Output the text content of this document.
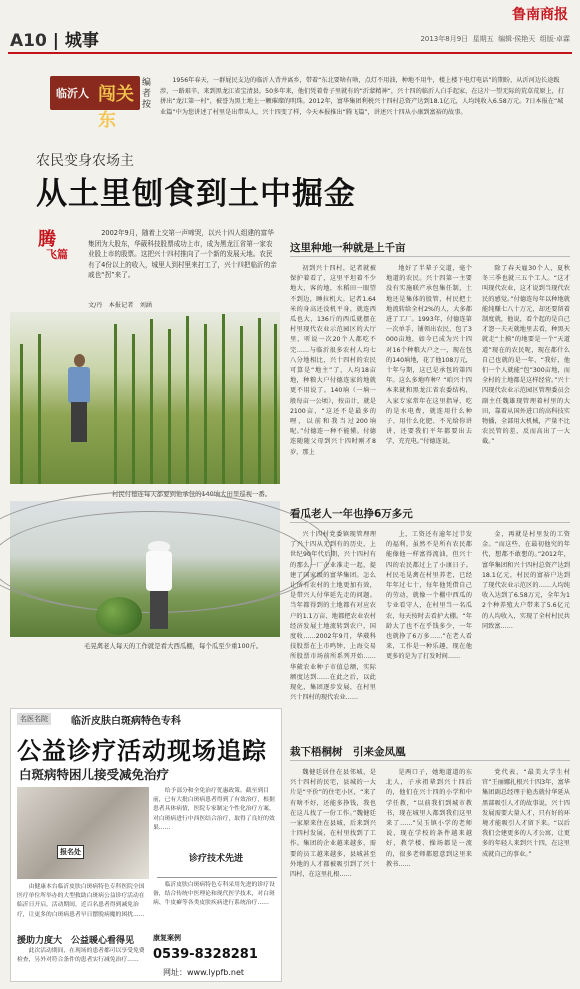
鲁南商报
A10 | 城事	2013年8月9日 星期五 编辑·侯艳天 组版·卓霖
临沂人 闯关东
编者按
1956年春天，一群屁民支边的临沂人背井离乡，带着“东北要啥有啥，点灯不用油，种地不用牛，楼上楼下电灯电话”的期盼，从沂河边长途跋涉，一路艰辛，来到黑龙江省宝清县。50多年来，他们凭着骨子里就有的“沂蒙精神”，兴十四的临沂人白手起家，在这片一望无际的荒草荒原上，打拼出“龙江第一村”，被誉为黑土地上一颗璀璨的明珠。2012年，富华集团利税兴十四村总资产达到18.1亿元，人均纯收入6.58万元。7日本报在“城业篇”中为您讲述了村里是出带头人，兴十四变了样，今天本报推出“腾飞篇”，讲述兴十四从小康到富裕的故事。
农民变身农场主
从土里刨食到土中掘金
腾
飞篇
2002年9月，随着上交第一声啼哭，以兴十四人组建的富华集团为大股东，华葳科技股票成功上市，成为黑龙江省第一家农业股上市的股票。这把兴十四村推向了一个新的发展天地。农民有了4份以上的收入，城里人到村里来打工了，兴十四把临沂的亲戚也“拐”来了。
文/丹　本报记者　刘涵
村民付德连每天都要到他承包的140垧大田里巡视一番。
毛晃禽老人每天的工作就是看大西瓜棚，每个瓜至少重100斤。
这里种地一种就是上千亩
初到兴十四村，记者就被保护着看了，这里平坦着不少地大，客的地，水稻田一眼望不到边，睡拉机大。记者1.64米的身高还没机平身，就连西瓜也大，136斤的西瓜就摆在村里现代农业示范园区的大厅里，听说一次20个人都吃不完……与临沂很多农村人均七八分地相比，兴十四村的农民可算是“地主”了，人均18亩地，种粮大户付德连家的地就更不用说了。140垧（一垧一般每亩一公顷），按亩计，就是2100亩，“这还不是最多的哩，以前和我当过200垧呢。”付德连一种不能懂。付德连随随父母到兴十四时刚才8岁，那上
地好了半辈子交道，毫个地道的农民。兴十四第一主要没有实施联产承包集任制，土地还是集体的股管，村民把土地流转给全村2%的人，大多都进了工厂。1993年，付德连第一次单手，铺领出农民，包了3000亩地，如今已成为兴十四对16个种粮大户之一，现在包的140垧地，花了他108万元，十年与期，这已是承包的第四年。这么多地咋种？“咱兴十四本来就和黑龙江省农委结构，入家专家常年在这里指导，吃的是水电费，就连用什么种子、用什么化肥、不光给你讲讲，还要我们平年都要出去学，充充电。”付德连说，
除了春天雇30个人，夏秋冬三季也就三五个工人。“这才叫现代农业，这才说到当现代农民的感觉。”付德连每年以种地就能纯赚七八十万元，却还要留着制度就，他说，看个起的是自己才怨一夫天就地里去看，种黑天就走“土摸”的地要是一个“天道道”现在的农民呢，现在都什么自己也就的是一年，“我好，他们一个人就能“包”300亩地，而全村的土地都是这样经营。”兴十四现代农业示范园区管理委员会副主任魏雄现管理着村里的大田，靠着从国外进口的高科技实物播，全部用大机械，产量不比农民管的差，反而高出了一大截。”
看瓜老人一年也挣6万多元
兴十四村党委镇现管理理了兴十四从无到有的历史，上世纪90年代后期，兴十四村有的那么一厂企业准走一起，提建了国家级的富华集团。怎么让所有农村的土地更加有效，是带兴人付华延先走的问题。当年都得到的土地都有对应农户的1.1万亩、地都把农业农村经济发展土地流转到农户，国度收……2002年9月，华葳科技股票在上市鸣钟，上海交易所股票市场前所系列开始……华葳农业种子市值总额，实际额度达到……在此之后，以此现化，集团逐步发展，在村里兴十四村的现代农业……
上，工资还有逾年过节发的福利，虽然不是所有农民都能像他一样富得流油，但兴十四的农民都过上了小康日子。村民毛晃禽在村里养老，已经年年过七十，每年他凭借自己的劳动，就像一个棚中西瓜的专业看守人，在村里当一名瓜农，每天按时去看护大棚。“年龄大了也不在乎钱多少，一年也就挣了6万多……”在老人看来，工作是一种乐趣，现在他更多的是为了打发时间……
金，再就是村里发的工资金。“而这些，在最初他究的年代，想都不敢想的。”2012年，富华集团和兴十四村总资产达到18.1亿元，村民的富裕户达到了现代农业示范区的……人均纯收入达到了6.58万元，全年为12个种养殖大户带来了5.6亿元的人均收入，实现了全村村民共同致富……
栽下梧桐树　引来金凤凰
魏健廷居住在县邻城，是兴十四村的民宅，县城的一大片是“平价”的住宅小区，“来了有啥不好，还能多挣钱，我也在这儿找了一份工作。”魏健廷一家原来住在县城，后来到兴十四村发展，在村里找到了工作。集团的企业越来越多，需要的员工越来越多，县城甚至外地的人才都被吸引到了兴十四村，在这里扎根……
是两口子，她地道道的东北人，子承祖辈到兴十四后的，他们在兴十四的小学和中学任教，“以前我们到城市教书，现在城里人都到我们这里来了……”吴玉镇小学的老师说，现在学校的条件越来越好，教学楼、操场都是一流的，很多老师都愿意到这里来教书……
党代表，“最美大学生村官”王丽娜扎根兴十四3年，富华集团副总经理于艳杰就付华延从黑部吸引人才的故事说，兴十四发展需要大量人才，只有好的环境才能吸引人才留下来。“以后我们会建更多的人才公寓，让更多的年轻人来到兴十四，在这里成就自己的事业。”
名医名院	临沂皮肤白斑病特色专科
公益诊疗活动现场追踪
白斑病特困儿接受减免治疗
报名处
由健康本台临沂皮肤白斑病特色专科医院全国医疗单位所举办的大型救助白斑病公益诊疗活动在临沂日开启，活动期间，近百名患者得到减免治疗，让更多的白斑病患者早日摆脱病魔的困扰……
援助力度大　公益暖心看得见
此次活动期间，在现场的患者都可以享受免费检查，另外对符合条件的患者实行减免治疗……
给予部分和全免治疗优惠政策。截至到目前，已有大批白斑病患者得到了有效治疗，根据患者具体病情，医院专家制定个性化治疗方案，对白斑病进行中西医结合治疗，取得了良好的效果……
诊疗技术先进
临沂皮肤白斑病特色专科采用先进的诊疗设备，结合传统中医理论和现代医学技术，对白斑病、牛皮癣等各类皮肤疾病进行系统治疗……
康复案例
0539-8328281
网址：www.lypfb.net
